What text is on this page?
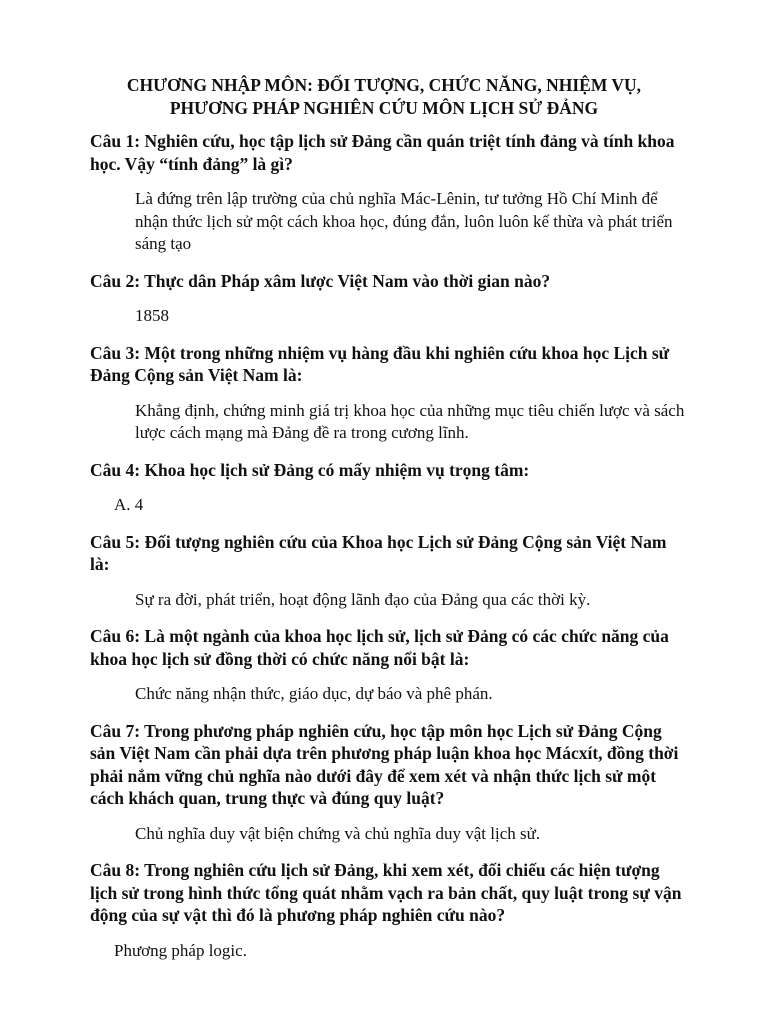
CHƯƠNG NHẬP MÔN: ĐỐI TƯỢNG, CHỨC NĂNG, NHIỆM VỤ,
PHƯƠNG PHÁP NGHIÊN CỨU MÔN LỊCH SỬ ĐẢNG

Câu 1: Nghiên cứu, học tập lịch sử Đảng cần quán triệt tính đảng và tính khoa học. Vậy “tính đảng” là gì?

Là đứng trên lập trường của chủ nghĩa Mác-Lênin, tư tưởng Hồ Chí Minh để nhận thức lịch sử một cách khoa học, đúng đắn, luôn luôn kế thừa và phát triển sáng tạo

Câu 2: Thực dân Pháp xâm lược Việt Nam vào thời gian nào?

1858

Câu 3: Một trong những nhiệm vụ hàng đầu khi nghiên cứu khoa học Lịch sử Đảng Cộng sản Việt Nam là:

Khẳng định, chứng minh giá trị khoa học của những mục tiêu chiến lược và sách lược cách mạng mà Đảng đề ra trong cương lĩnh.

Câu 4: Khoa học lịch sử Đảng có mấy nhiệm vụ trọng tâm:

A. 4

Câu 5: Đối tượng nghiên cứu của Khoa học Lịch sử Đảng Cộng sản Việt Nam là:

Sự ra đời, phát triển, hoạt động lãnh đạo của Đảng qua các thời kỳ.

Câu 6: Là một ngành của khoa học lịch sử, lịch sử Đảng có các chức năng của khoa học lịch sử đồng thời có chức năng nổi bật là:

Chức năng nhận thức, giáo dục, dự báo và phê phán.

Câu 7: Trong phương pháp nghiên cứu, học tập môn học Lịch sử Đảng Cộng sản Việt Nam cần phải dựa trên phương pháp luận khoa học Mácxít, đồng thời phải nắm vững chủ nghĩa nào dưới đây để xem xét và nhận thức lịch sử một cách khách quan, trung thực và đúng quy luật?

Chủ nghĩa duy vật biện chứng và chủ nghĩa duy vật lịch sử.

Câu 8: Trong nghiên cứu lịch sử Đảng, khi xem xét, đối chiếu các hiện tượng lịch sử trong hình thức tổng quát nhằm vạch ra bản chất, quy luật trong sự vận động của sự vật thì đó là phương pháp nghiên cứu nào?

Phương pháp logic.
